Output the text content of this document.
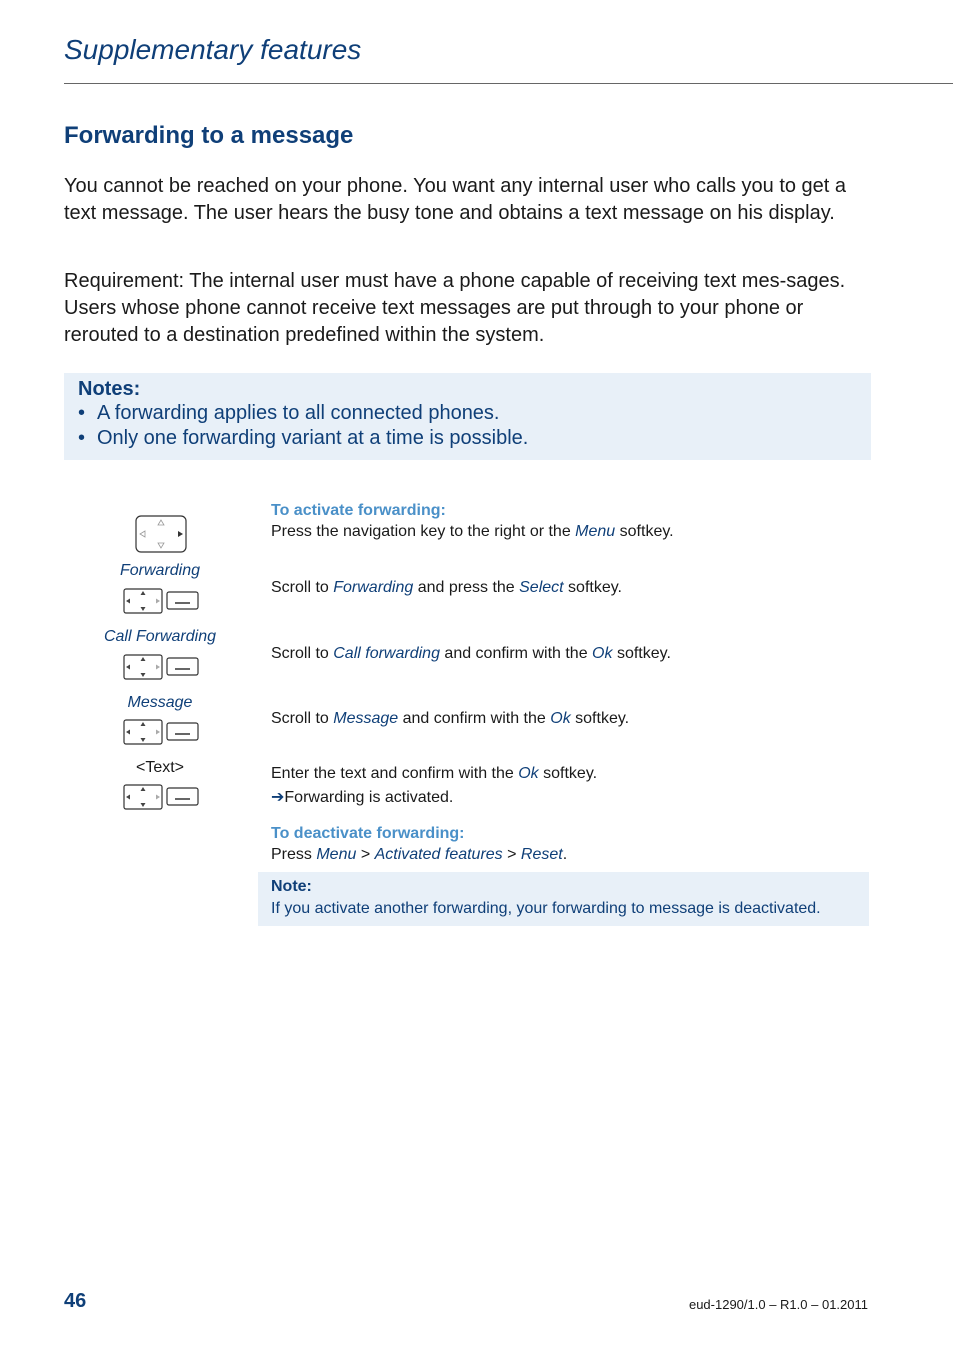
Supplementary features
Forwarding to a message
You cannot be reached on your phone. You want any internal user who calls you to get a text message. The user hears the busy tone and obtains a text message on his display.
Requirement: The internal user must have a phone capable of receiving text mes-sages. Users whose phone cannot receive text messages are put through to your phone or rerouted to a destination predefined within the system.
Notes:
• A forwarding applies to all connected phones.
• Only one forwarding variant at a time is possible.
To activate forwarding:
Press the navigation key to the right or the Menu softkey.
Forwarding
Scroll to Forwarding and press the Select softkey.
Call Forwarding
Scroll to Call forwarding and confirm with the Ok softkey.
Message
Scroll to Message and confirm with the Ok softkey.
<Text>	Enter the text and confirm with the Ok softkey.
➔Forwarding is activated.
To deactivate forwarding:
Press Menu > Activated features > Reset.
Note:
If you activate another forwarding, your forwarding to message is deactivated.
46	eud-1290/1.0 – R1.0 – 01.2011
